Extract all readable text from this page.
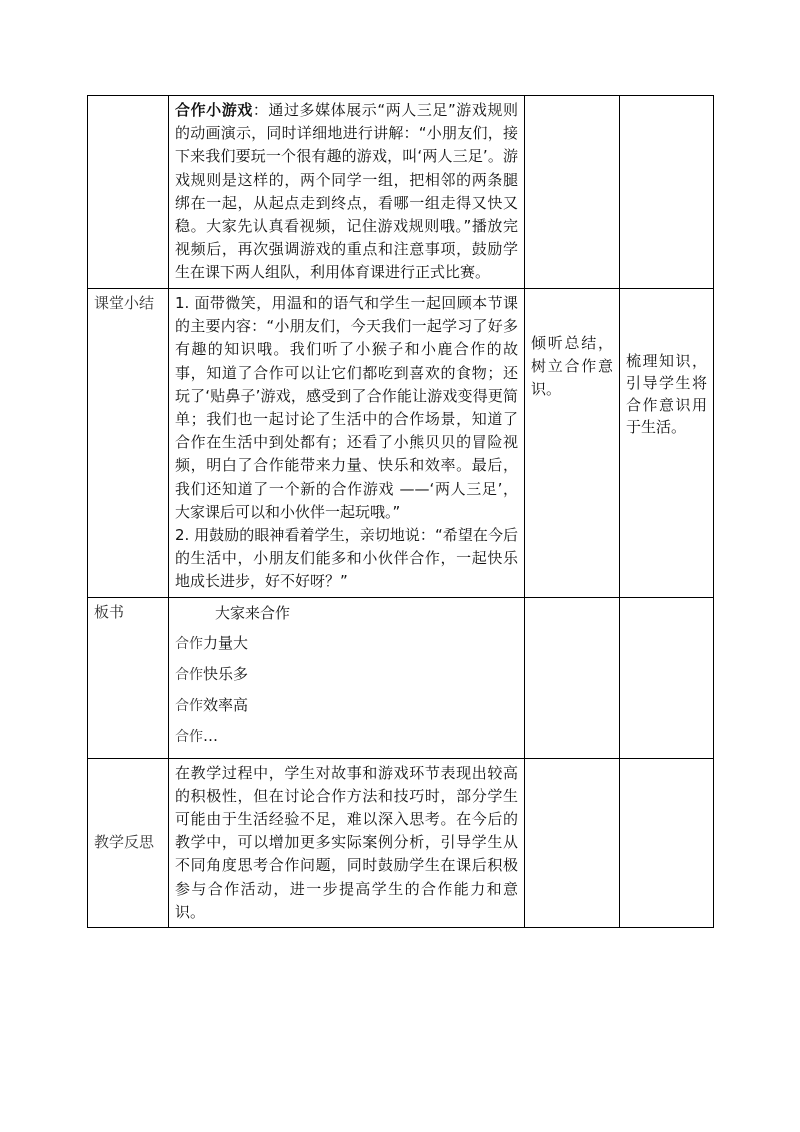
	合作小游戏：通过多媒体展示“两人三足”游戏规则的动画演示，同时详细地进行讲解：“小朋友们，接下来我们要玩一个很有趣的游戏，叫‘两人三足’。游戏规则是这样的，两个同学一组，把相邻的两条腿绑在一起，从起点走到终点，看哪一组走得又快又稳。大家先认真看视频，记住游戏规则哦。”播放完视频后，再次强调游戏的重点和注意事项，鼓励学生在课下两人组队，利用体育课进行正式比赛。		
课堂小结	1. 面带微笑，用温和的语气和学生一起回顾本节课的主要内容：“小朋友们，今天我们一起学习了好多有趣的知识哦。我们听了小猴子和小鹿合作的故事，知道了合作可以让它们都吃到喜欢的食物；还玩了‘贴鼻子’游戏，感受到了合作能让游戏变得更简单；我们也一起讨论了生活中的合作场景，知道了合作在生活中到处都有；还看了小熊贝贝的冒险视频，明白了合作能带来力量、快乐和效率。最后，我们还知道了一个新的合作游戏 ——‘两人三足’，大家课后可以和小伙伴一起玩哦。”
2. 用鼓励的眼神看着学生，亲切地说：“希望在今后的生活中，小朋友们能多和小伙伴合作，一起快乐地成长进步，好不好呀？”	倾听总结，树立合作意识。	梳理知识，引导学生将合作意识用于生活。

板书	大家来合作
合作力量大
合作快乐多
合作效率高
合作…		

教学反思	在教学过程中，学生对故事和游戏环节表现出较高的积极性，但在讨论合作方法和技巧时，部分学生可能由于生活经验不足，难以深入思考。在今后的教学中，可以增加更多实际案例分析，引导学生从不同角度思考合作问题，同时鼓励学生在课后积极参与合作活动，进一步提高学生的合作能力和意识。		
